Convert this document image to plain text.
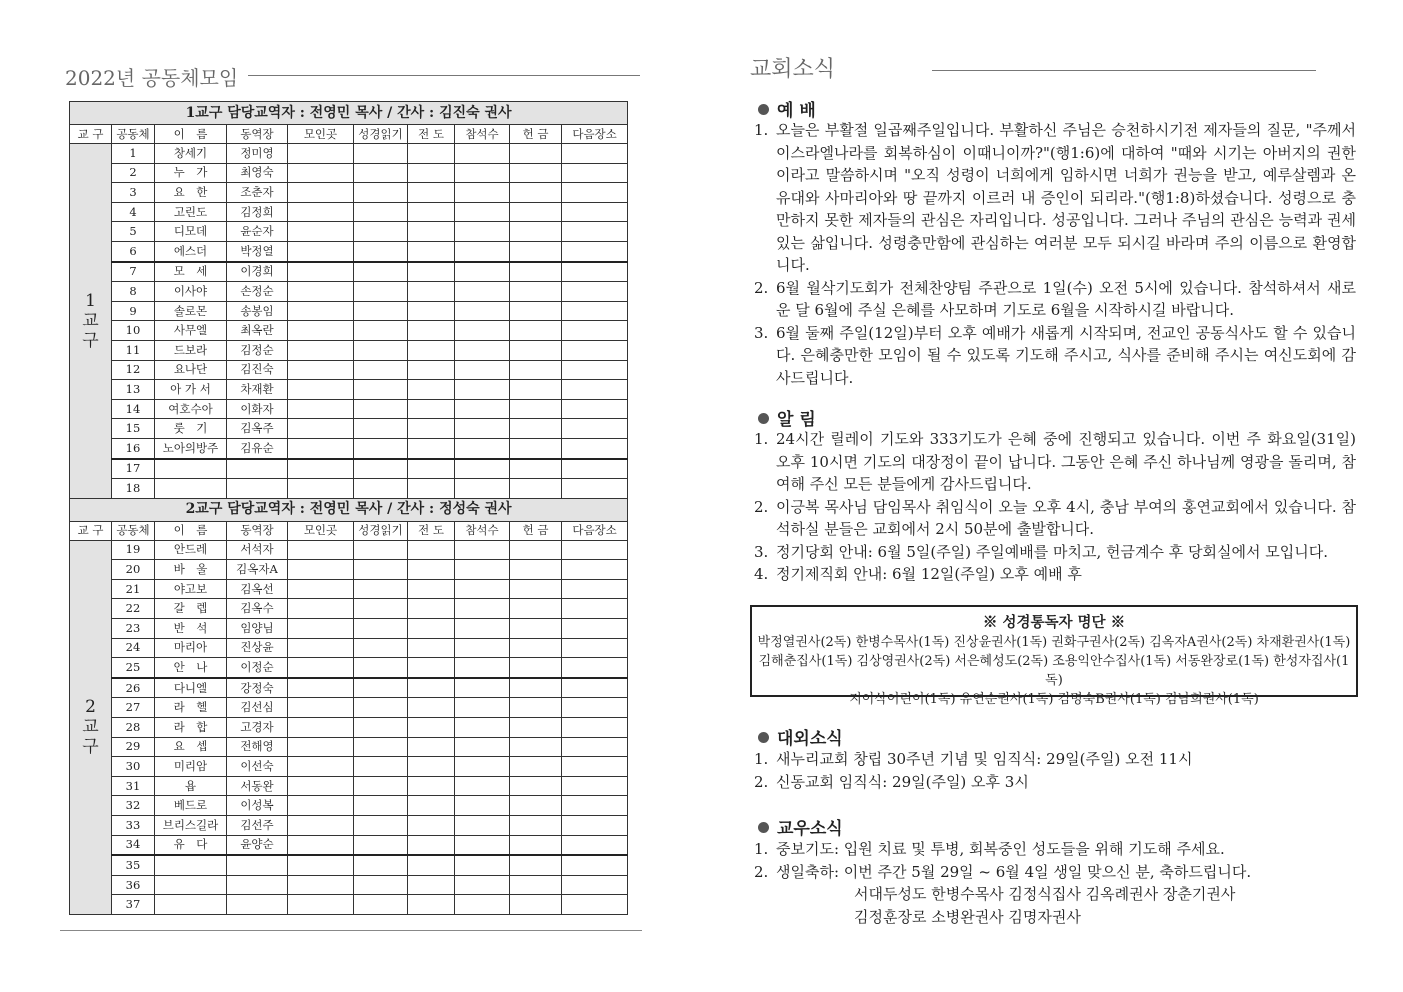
2022년 공동체모임
1교구 담당교역자 : 전영민 목사 / 간사 : 김진숙 권사									
교 구	공동체	이　름	동역장	모인곳	성경읽기	전 도	참석수	헌 금	다음장소

1
교
구	1	창세기	정미영						
	2	누　가	최영숙						
	3	요　한	조춘자						
	4	고린도	김정희						
	5	디모데	윤순자						
	6	에스더	박정열						
	7	모　세	이경희						
	8	이사야	손정순						
	9	솔로몬	송봉임						
	10	사무엘	최옥란						
	11	드보라	김정순						
	12	요나단	김진숙						
	13	아 가 서	차재환						
	14	여호수아	이화자						
	15	룻　기	김옥주						
	16	노아의방주	김유순						
	17								
	18								
2교구 담당교역자 : 전영민 목사 / 간사 : 정성숙 권사									
교 구	공동체	이　름	동역장	모인곳	성경읽기	전 도	참석수	헌 금	다음장소

2
교
구	19	안드레	서석자						
	20	바　울	김옥자A						
	21	야고보	김옥선						
	22	갈　렙	김옥수						
	23	반　석	임양님						
	24	마리아	진상윤						
	25	안　나	이정순						
	26	다니엘	강정숙						
	27	라　헬	김선심						
	28	라　합	고경자						
	29	요　셉	전해영						
	30	미리암	이선숙						
	31	욥	서동완						
	32	베드로	이성복						
	33	브리스길라	김선주						
	34	유　다	윤양순						
	35								
	36								
	37								
교회소식
예 배
1. 오늘은 부활절 일곱째주일입니다. 부활하신 주님은 승천하시기전 제자들의 질문, "주께서 이스라엘나라를 회복하심이 이때니이까?"(행1:6)에 대하여 "때와 시기는 아버지의 권한이라고 말씀하시며 "오직 성령이 너희에게 임하시면 너희가 권능을 받고, 예루살렘과 온 유대와 사마리아와 땅 끝까지 이르러 내 증인이 되리라."(행1:8)하셨습니다. 성령으로 충만하지 못한 제자들의 관심은 자리입니다. 성공입니다. 그러나 주님의 관심은 능력과 권세있는 삶입니다. 성령충만함에 관심하는 여러분 모두 되시길 바라며 주의 이름으로 환영합니다.
2. 6월 월삭기도회가 전체찬양팀 주관으로 1일(수) 오전 5시에 있습니다. 참석하셔서 새로운 달 6월에 주실 은혜를 사모하며 기도로 6월을 시작하시길 바랍니다.
3. 6월 둘째 주일(12일)부터 오후 예배가 새롭게 시작되며, 전교인 공동식사도 할 수 있습니다. 은혜충만한 모임이 될 수 있도록 기도해 주시고, 식사를 준비해 주시는 여신도회에 감사드립니다.
알 림
1. 24시간 릴레이 기도와 333기도가 은혜 중에 진행되고 있습니다. 이번 주 화요일(31일) 오후 10시면 기도의 대장정이 끝이 납니다. 그동안 은혜 주신 하나님께 영광을 돌리며, 참여해 주신 모든 분들에게 감사드립니다.
2. 이긍복 목사님 담임목사 취임식이 오늘 오후 4시, 충남 부여의 홍연교회에서 있습니다. 참석하실 분들은 교회에서 2시 50분에 출발합니다.
3. 정기당회 안내: 6월 5일(주일) 주일예배를 마치고, 헌금계수 후 당회실에서 모입니다.
4. 정기제직회 안내: 6월 12일(주일) 오후 예배 후
※ 성경통독자 명단 ※
박정열권사(2독) 한병수목사(1독) 진상윤권사(1독) 권화구권사(2독) 김옥자A권사(2독) 차재환권사(1독)
김해춘집사(1독) 김상영권사(2독) 서은혜성도(2독) 조용익안수집사(1독) 서동완장로(1독) 한성자집사(1독)
지이삭어린이(1독) 유연순권사(1독) 김명숙B권사(1독) 김남희권사(1독)
대외소식
1. 새누리교회 창립 30주년 기념 및 임직식: 29일(주일) 오전 11시
2. 신동교회 임직식: 29일(주일) 오후 3시
교우소식
1. 중보기도: 입원 치료 및 투병, 회복중인 성도들을 위해 기도해 주세요.
2. 생일축하: 이번 주간 5월 29일 ~ 6월 4일 생일 맞으신 분, 축하드립니다.
서대두성도 한병수목사 김정식집사 김옥례권사 장춘기권사
김정훈장로 소병완권사 김명자권사
